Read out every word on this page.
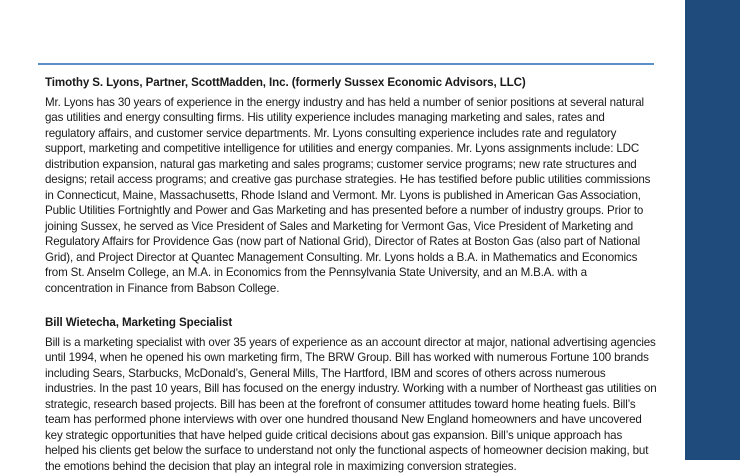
Timothy S. Lyons, Partner, ScottMadden, Inc. (formerly Sussex Economic Advisors, LLC)

Mr. Lyons has 30 years of experience in the energy industry and has held a number of senior positions at several natural gas utilities and energy consulting firms. His utility experience includes managing marketing and sales, rates and regulatory affairs, and customer service departments. Mr. Lyons consulting experience includes rate and regulatory support, marketing and competitive intelligence for utilities and energy companies. Mr. Lyons assignments include: LDC distribution expansion, natural gas marketing and sales programs; customer service programs; new rate structures and designs; retail access programs; and creative gas purchase strategies. He has testified before public utilities commissions in Connecticut, Maine, Massachusetts, Rhode Island and Vermont. Mr. Lyons is published in American Gas Association, Public Utilities Fortnightly and Power and Gas Marketing and has presented before a number of industry groups. Prior to joining Sussex, he served as Vice President of Sales and Marketing for Vermont Gas, Vice President of Marketing and Regulatory Affairs for Providence Gas (now part of National Grid), Director of Rates at Boston Gas (also part of National Grid), and Project Director at Quantec Management Consulting. Mr. Lyons holds a B.A. in Mathematics and Economics from St. Anselm College, an M.A. in Economics from the Pennsylvania State University, and an M.B.A. with a concentration in Finance from Babson College.

Bill Wietecha, Marketing Specialist

Bill is a marketing specialist with over 35 years of experience as an account director at major, national advertising agencies until 1994, when he opened his own marketing firm, The BRW Group. Bill has worked with numerous Fortune 100 brands including Sears, Starbucks, McDonald’s, General Mills, The Hartford, IBM and scores of others across numerous industries. In the past 10 years, Bill has focused on the energy industry. Working with a number of Northeast gas utilities on strategic, research based projects. Bill has been at the forefront of consumer attitudes toward home heating fuels. Bill’s team has performed phone interviews with over one hundred thousand New England homeowners and have uncovered key strategic opportunities that have helped guide critical decisions about gas expansion. Bill’s unique approach has helped his clients get below the surface to understand not only the functional aspects of homeowner decision making, but the emotions behind the decision that play an integral role in maximizing conversion strategies.
